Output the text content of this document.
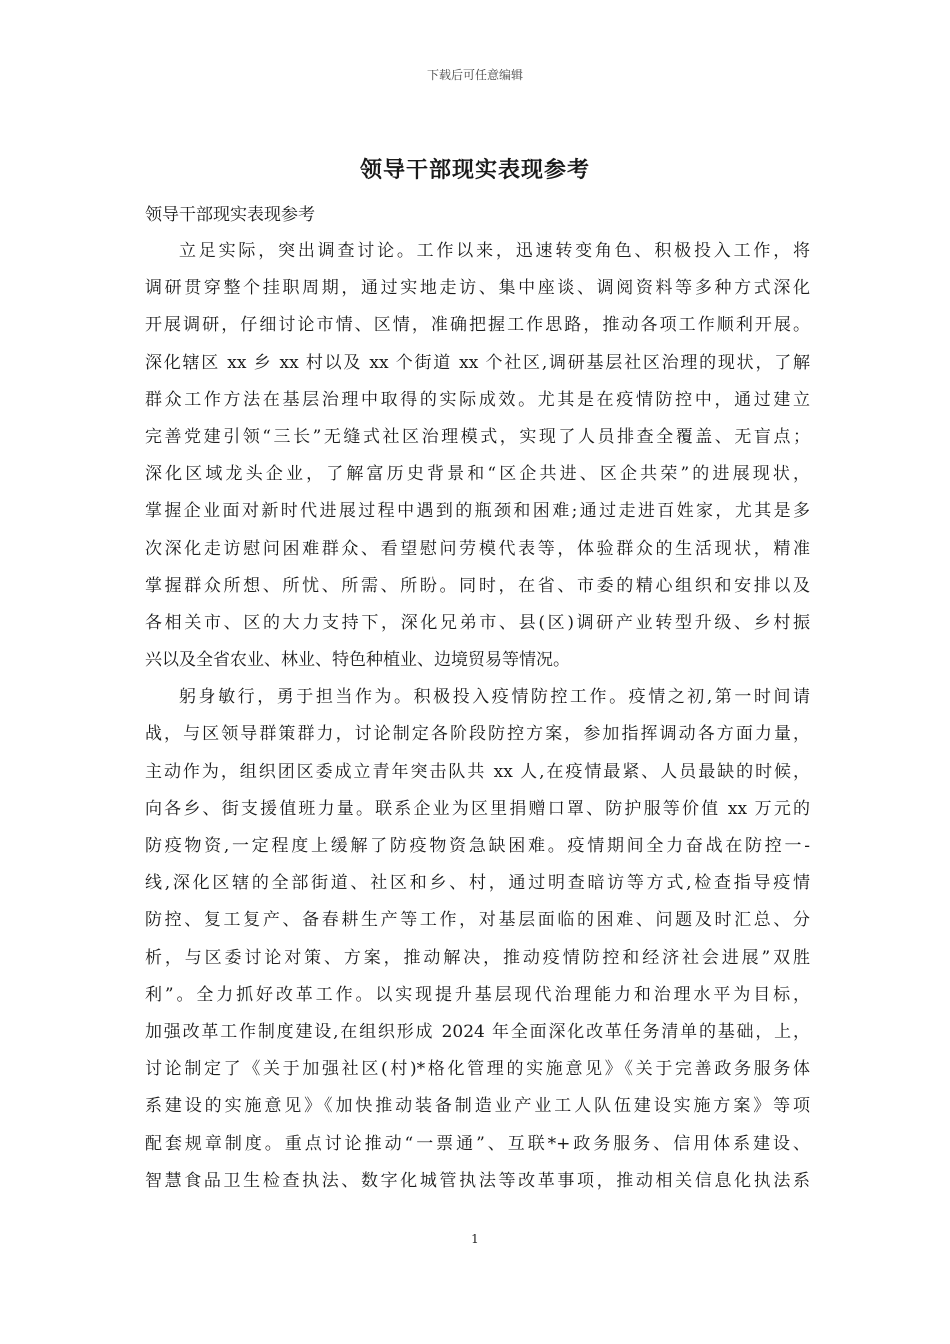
下载后可任意编辑
领导干部现实表现参考
领导干部现实表现参考
立足实际，突出调查讨论。工作以来，迅速转变角色、积极投入工作，将
调研贯穿整个挂职周期，通过实地走访、集中座谈、调阅资料等多种方式深化
开展调研，仔细讨论市情、区情，准确把握工作思路，推动各项工作顺利开展。
深化辖区 xx 乡 xx 村以及 xx 个街道 xx 个社区,调研基层社区治理的现状，了解
群众工作方法在基层治理中取得的实际成效。尤其是在疫情防控中，通过建立
完善党建引领“三长”无缝式社区治理模式，实现了人员排查全覆盖、无盲点；
深化区域龙头企业，了解富历史背景和“区企共进、区企共荣”的进展现状，
掌握企业面对新时代进展过程中遇到的瓶颈和困难;通过走进百姓家，尤其是多
次深化走访慰问困难群众、看望慰问劳模代表等，体验群众的生活现状，精准
掌握群众所想、所忧、所需、所盼。同时，在省、市委的精心组织和安排以及
各相关市、区的大力支持下，深化兄弟市、县(区)调研产业转型升级、乡村振
兴以及全省农业、林业、特色种植业、边境贸易等情况。
躬身敏行，勇于担当作为。积极投入疫情防控工作。疫情之初,第一时间请
战，与区领导群策群力，讨论制定各阶段防控方案，参加指挥调动各方面力量，
主动作为，组织团区委成立青年突击队共 xx 人,在疫情最紧、人员最缺的时候，
向各乡、街支援值班力量。联系企业为区里捐赠口罩、防护服等价值 xx 万元的
防疫物资,一定程度上缓解了防疫物资急缺困难。疫情期间全力奋战在防控一-
线,深化区辖的全部街道、社区和乡、村，通过明查暗访等方式,检查指导疫情
防控、复工复产、备春耕生产等工作，对基层面临的困难、问题及时汇总、分
析，与区委讨论对策、方案，推动解决，推动疫情防控和经济社会进展”双胜
利”。全力抓好改革工作。以实现提升基层现代治理能力和治理水平为目标，
加强改革工作制度建设,在组织形成 2024 年全面深化改革任务清单的基础，上，
讨论制定了《关于加强社区(村)*格化管理的实施意见》《关于完善政务服务体
系建设的实施意见》《加快推动装备制造业产业工人队伍建设实施方案》等项
配套规章制度。重点讨论推动“一票通”、互联*+政务服务、信用体系建设、
智慧食品卫生检查执法、数字化城管执法等改革事项，推动相关信息化执法系
1
